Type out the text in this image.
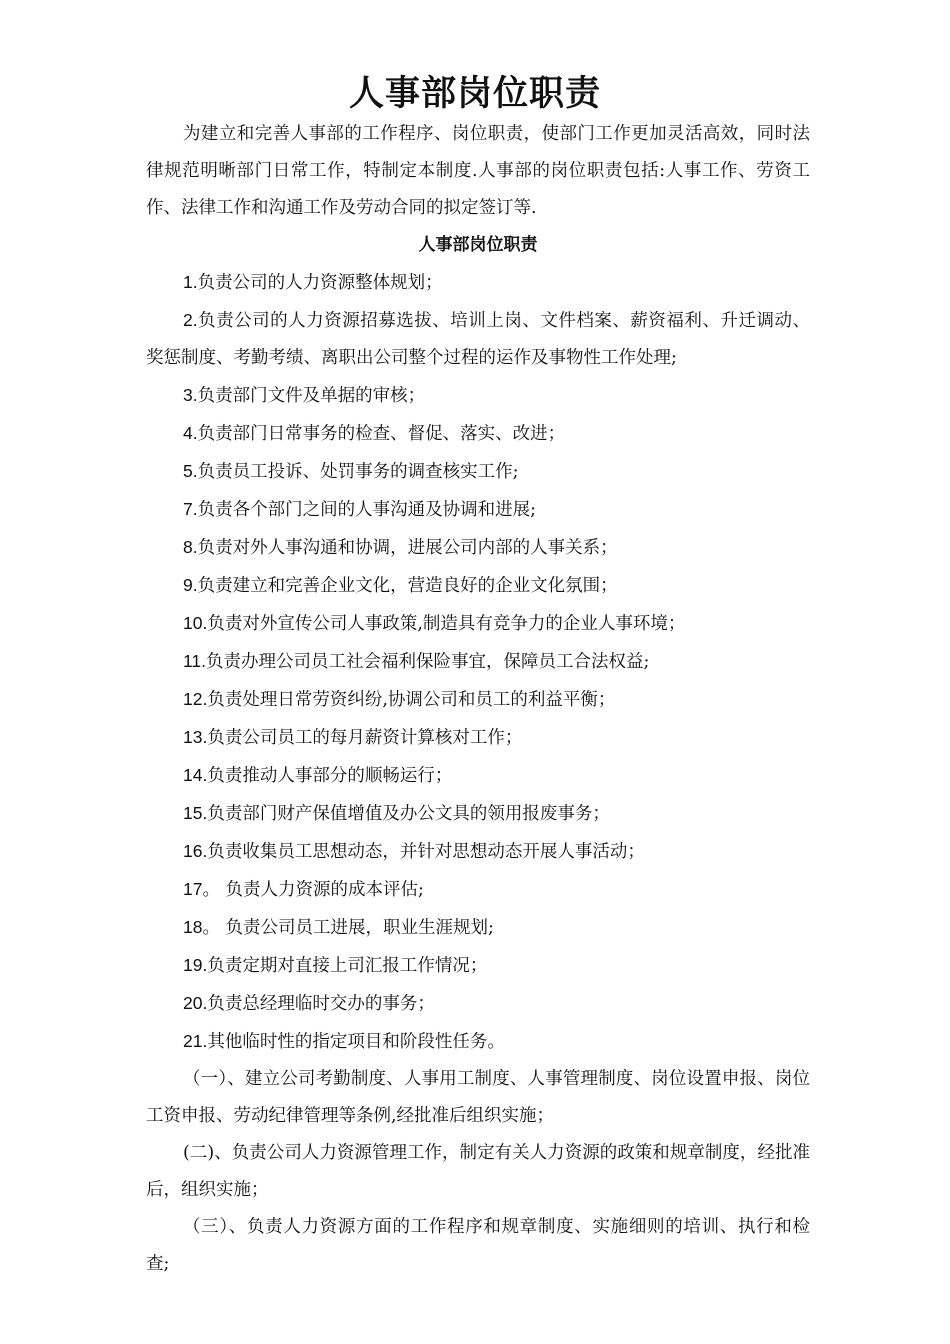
人事部岗位职责

为建立和完善人事部的工作程序、岗位职责，使部门工作更加灵活高效，同时法律规范明晰部门日常工作，特制定本制度.人事部的岗位职责包括:人事工作、劳资工作、法律工作和沟通工作及劳动合同的拟定签订等.

人事部岗位职责

1.负责公司的人力资源整体规划；

2.负责公司的人力资源招募选拔、培训上岗、文件档案、薪资福利、升迁调动、奖惩制度、考勤考绩、离职出公司整个过程的运作及事物性工作处理;

3.负责部门文件及单据的审核；

4.负责部门日常事务的检查、督促、落实、改进；

5.负责员工投诉、处罚事务的调查核实工作;

7.负责各个部门之间的人事沟通及协调和进展;

8.负责对外人事沟通和协调，进展公司内部的人事关系；

9.负责建立和完善企业文化，营造良好的企业文化氛围；

10.负责对外宣传公司人事政策,制造具有竞争力的企业人事环境；

11.负责办理公司员工社会福利保险事宜，保障员工合法权益;

12.负责处理日常劳资纠纷,协调公司和员工的利益平衡；

13.负责公司员工的每月薪资计算核对工作；

14.负责推动人事部分的顺畅运行；

15.负责部门财产保值增值及办公文具的领用报废事务；

16.负责收集员工思想动态，并针对思想动态开展人事活动；

17。 负责人力资源的成本评估;

18。 负责公司员工进展，职业生涯规划;

19.负责定期对直接上司汇报工作情况；

20.负责总经理临时交办的事务；

21.其他临时性的指定项目和阶段性任务。

（一）、建立公司考勤制度、人事用工制度、人事管理制度、岗位设置申报、岗位工资申报、劳动纪律管理等条例,经批准后组织实施；

(二)、负责公司人力资源管理工作，制定有关人力资源的政策和规章制度，经批准后，组织实施；

（三）、负责人力资源方面的工作程序和规章制度、实施细则的培训、执行和检查;
